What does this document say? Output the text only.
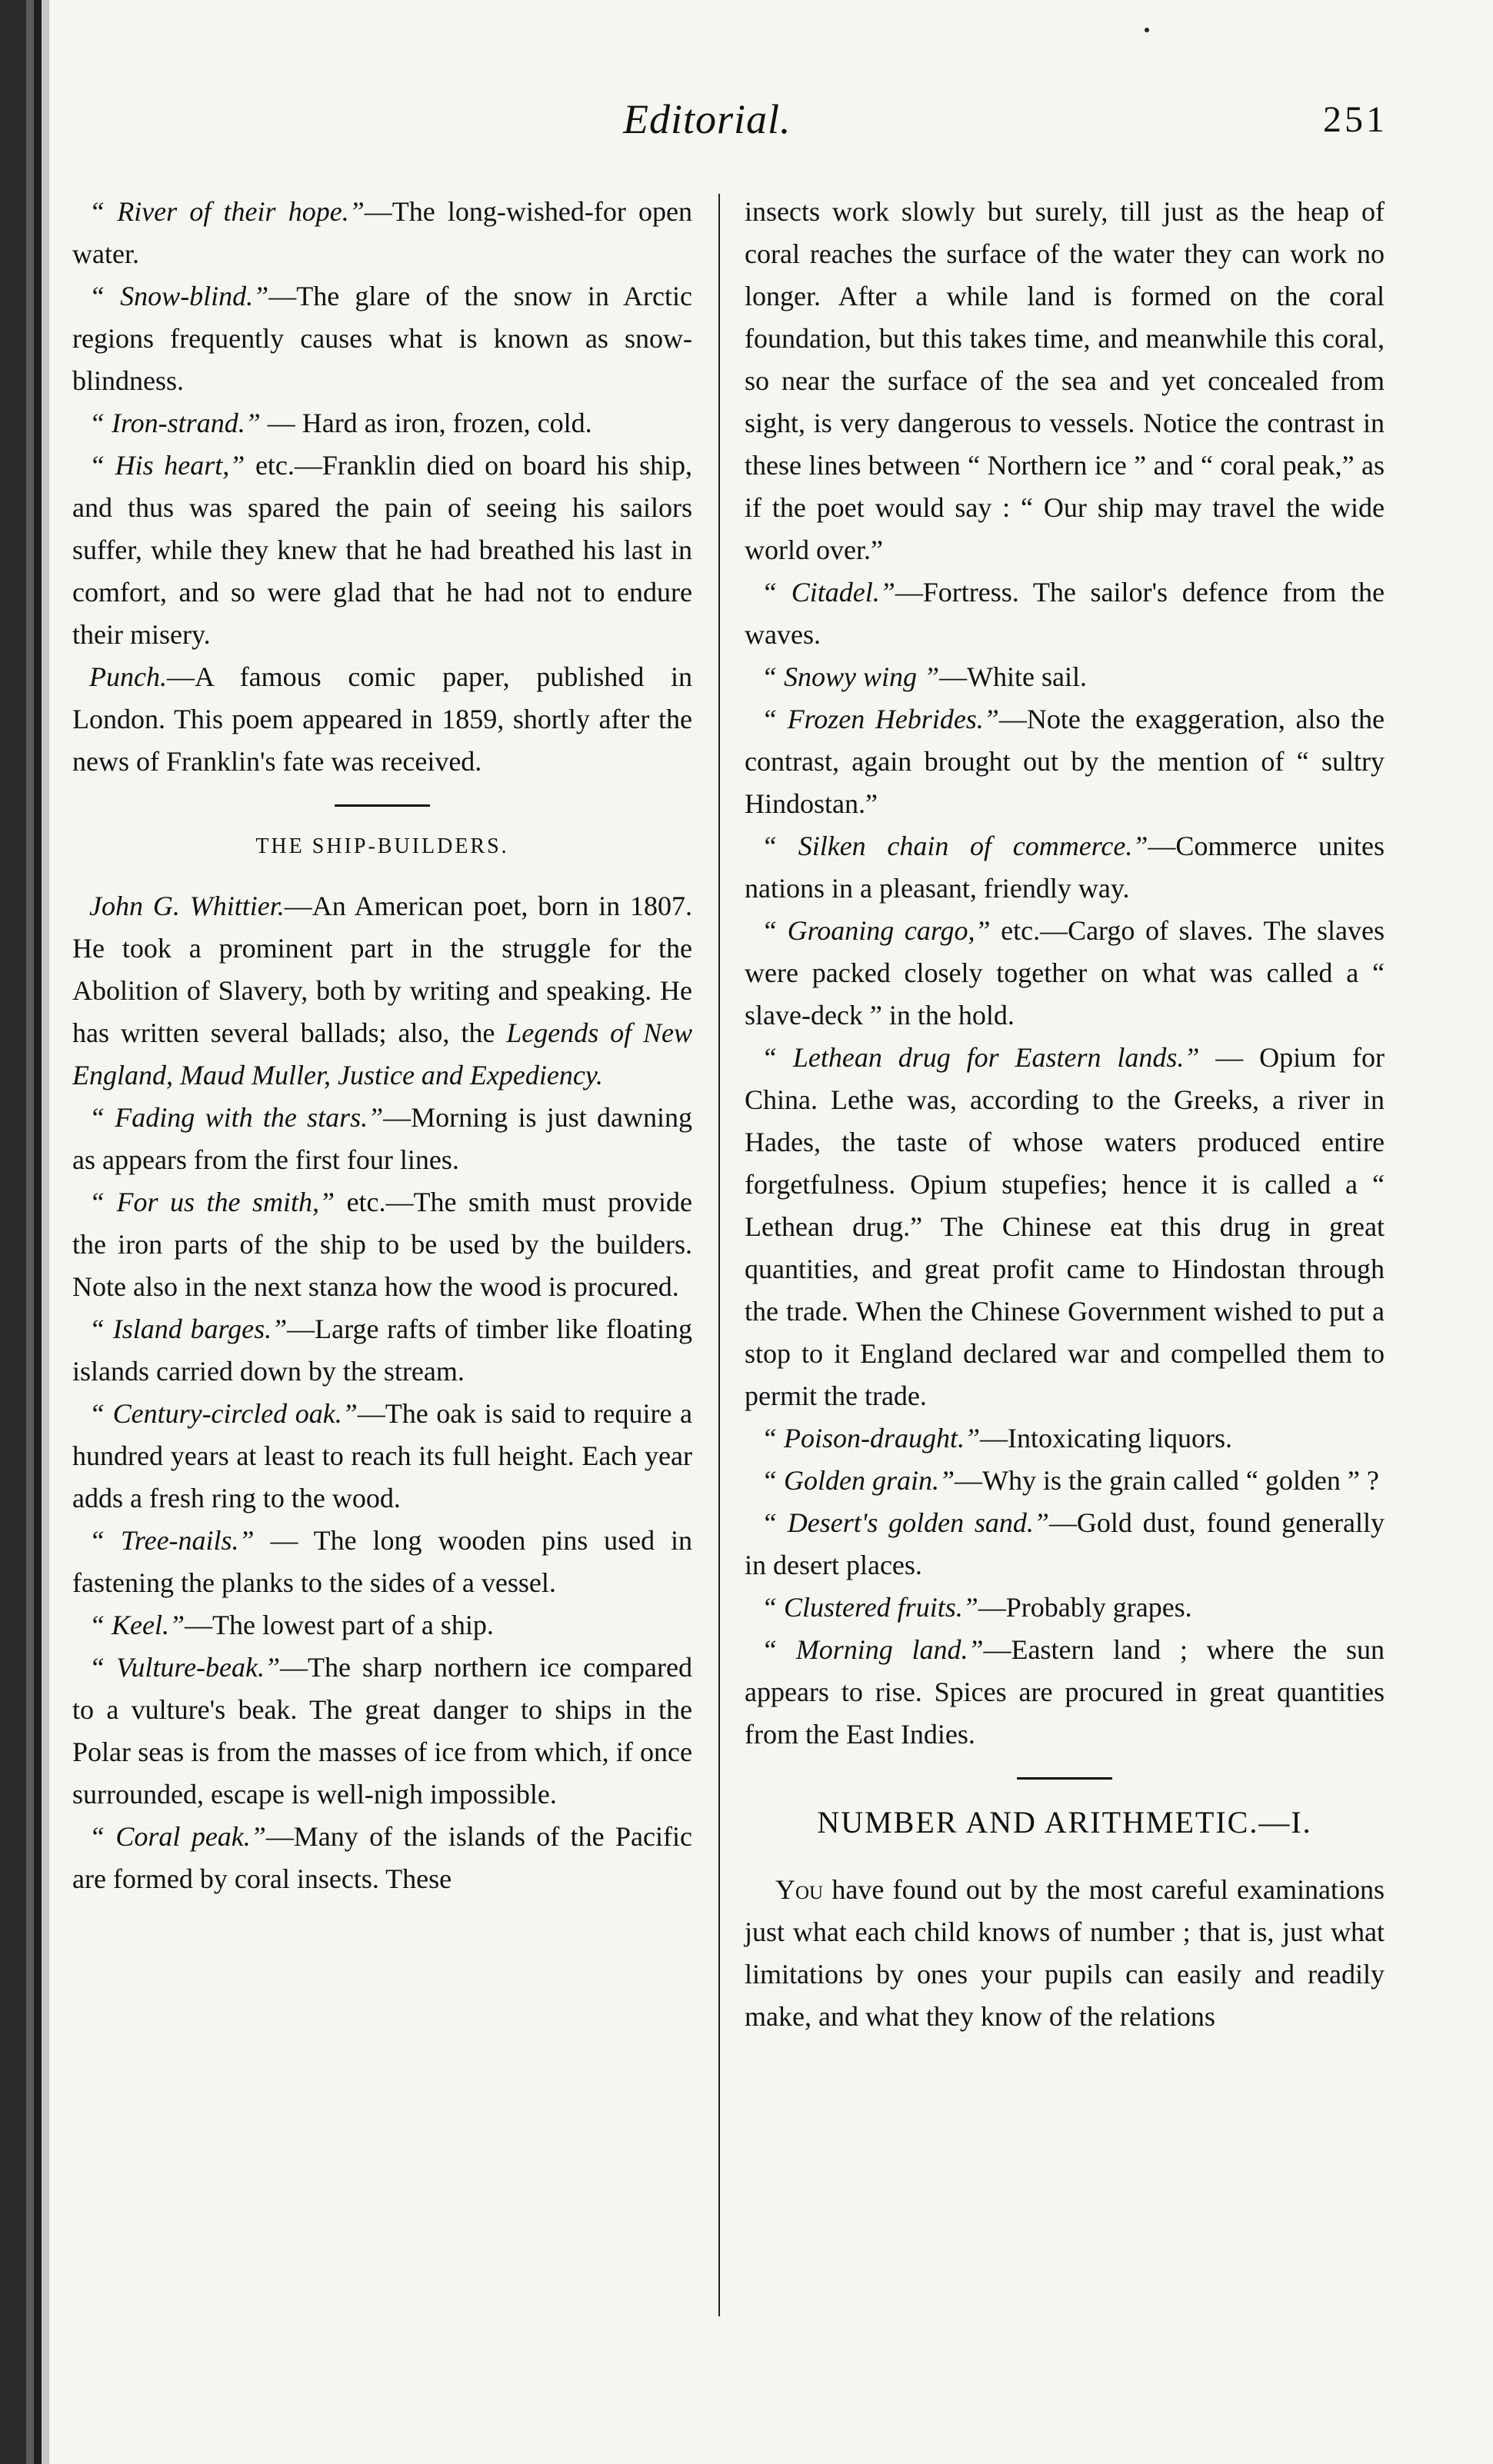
Editorial.	251

“ River of their hope.”—The long-wished-for open water.

“ Snow-blind.”—The glare of the snow in Arctic regions frequently causes what is known as snow-blindness.

“ Iron-strand.” — Hard as iron, frozen, cold.

“ His heart,” etc.—Franklin died on board his ship, and thus was spared the pain of seeing his sailors suffer, while they knew that he had breathed his last in comfort, and so were glad that he had not to endure their misery.

Punch.—A famous comic paper, published in London. This poem appeared in 1859, shortly after the news of Franklin's fate was received.

THE SHIP-BUILDERS.

John G. Whittier.—An American poet, born in 1807. He took a prominent part in the struggle for the Abolition of Slavery, both by writing and speaking. He has written several ballads; also, the Legends of New England, Maud Muller, Justice and Expediency.

“ Fading with the stars.”—Morning is just dawning as appears from the first four lines.

“ For us the smith,” etc.—The smith must provide the iron parts of the ship to be used by the builders. Note also in the next stanza how the wood is procured.

“ Island barges.”—Large rafts of timber like floating islands carried down by the stream.

“ Century-circled oak.”—The oak is said to require a hundred years at least to reach its full height. Each year adds a fresh ring to the wood.

“ Tree-nails.” — The long wooden pins used in fastening the planks to the sides of a vessel.

“ Keel.”—The lowest part of a ship.

“ Vulture-beak.”—The sharp northern ice compared to a vulture's beak. The great danger to ships in the Polar seas is from the masses of ice from which, if once surrounded, escape is well-nigh impossible.

“ Coral peak.”—Many of the islands of the Pacific are formed by coral insects. These

insects work slowly but surely, till just as the heap of coral reaches the surface of the water they can work no longer. After a while land is formed on the coral foundation, but this takes time, and meanwhile this coral, so near the surface of the sea and yet concealed from sight, is very dangerous to vessels. Notice the contrast in these lines between “ Northern ice ” and “ coral peak,” as if the poet would say : “ Our ship may travel the wide world over.”

“ Citadel.”—Fortress. The sailor's defence from the waves.

“ Snowy wing ”—White sail.

“ Frozen Hebrides.”—Note the exaggeration, also the contrast, again brought out by the mention of “ sultry Hindostan.”

“ Silken chain of commerce.”—Commerce unites nations in a pleasant, friendly way.

“ Groaning cargo,” etc.—Cargo of slaves. The slaves were packed closely together on what was called a “ slave-deck ” in the hold.

“ Lethean drug for Eastern lands.” — Opium for China. Lethe was, according to the Greeks, a river in Hades, the taste of whose waters produced entire forgetfulness. Opium stupefies; hence it is called a “ Lethean drug.” The Chinese eat this drug in great quantities, and great profit came to Hindostan through the trade. When the Chinese Government wished to put a stop to it England declared war and compelled them to permit the trade.

“ Poison-draught.”—Intoxicating liquors.

“ Golden grain.”—Why is the grain called “ golden ” ?

“ Desert's golden sand.”—Gold dust, found generally in desert places.

“ Clustered fruits.”—Probably grapes.

“ Morning land.”—Eastern land ; where the sun appears to rise. Spices are procured in great quantities from the East Indies.

NUMBER AND ARITHMETIC.—I.

You have found out by the most careful examinations just what each child knows of number ; that is, just what limitations by ones your pupils can easily and readily make, and what they know of the relations
